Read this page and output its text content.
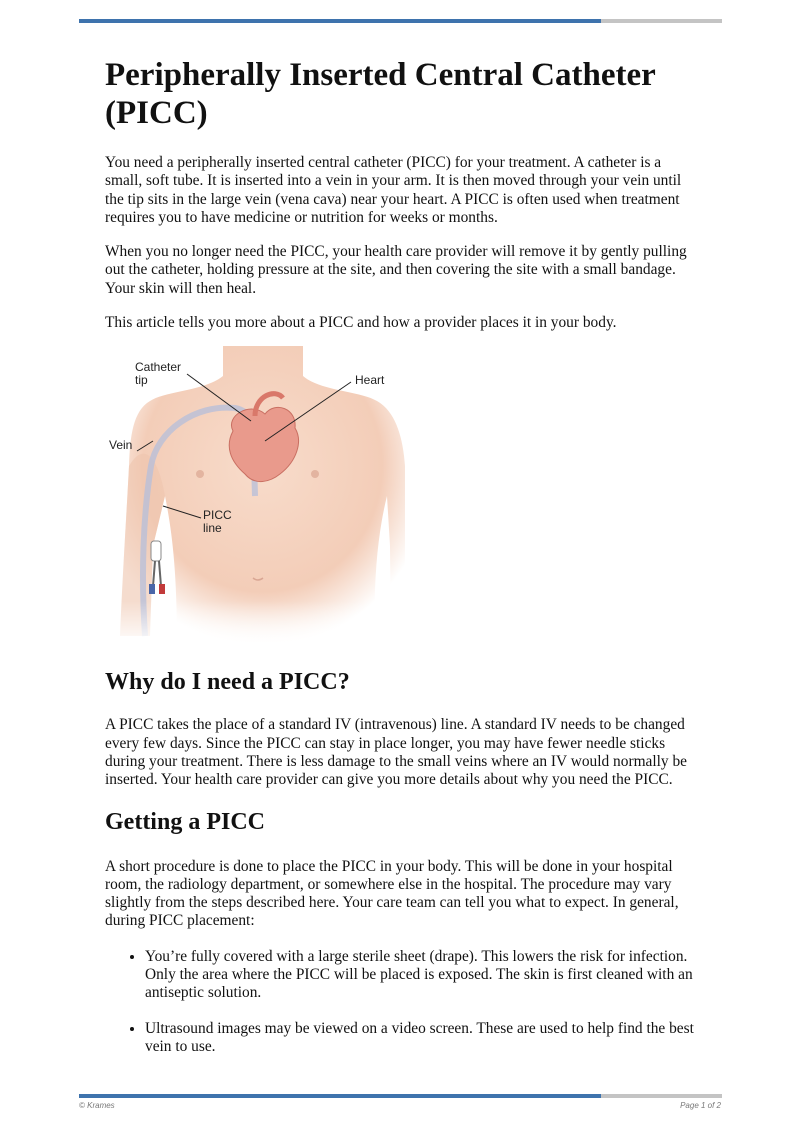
Peripherally Inserted Central Catheter (PICC)

You need a peripherally inserted central catheter (PICC) for your treatment. A catheter is a small, soft tube. It is inserted into a vein in your arm. It is then moved through your vein until the tip sits in the large vein (vena cava) near your heart. A PICC is often used when treatment requires you to have medicine or nutrition for weeks or months.

When you no longer need the PICC, your health care provider will remove it by gently pulling out the catheter, holding pressure at the site, and then covering the site with a small bandage. Your skin will then heal.

This article tells you more about a PICC and how a provider places it in your body.

Why do I need a PICC?

A PICC takes the place of a standard IV (intravenous) line. A standard IV needs to be changed every few days. Since the PICC can stay in place longer, you may have fewer needle sticks during your treatment. There is less damage to the small veins where an IV would normally be inserted. Your health care provider can give you more details about why you need the PICC.

Getting a PICC

A short procedure is done to place the PICC in your body. This will be done in your hospital room, the radiology department, or somewhere else in the hospital. The procedure may vary slightly from the steps described here. Your care team can tell you what to expect. In general, during PICC placement:

• You’re fully covered with a large sterile sheet (drape). This lowers the risk for infection. Only the area where the PICC will be placed is exposed. The skin is first cleaned with an antiseptic solution.
• Ultrasound images may be viewed on a video screen. These are used to help find the best vein to use.
© Krames	Page 1 of 2
